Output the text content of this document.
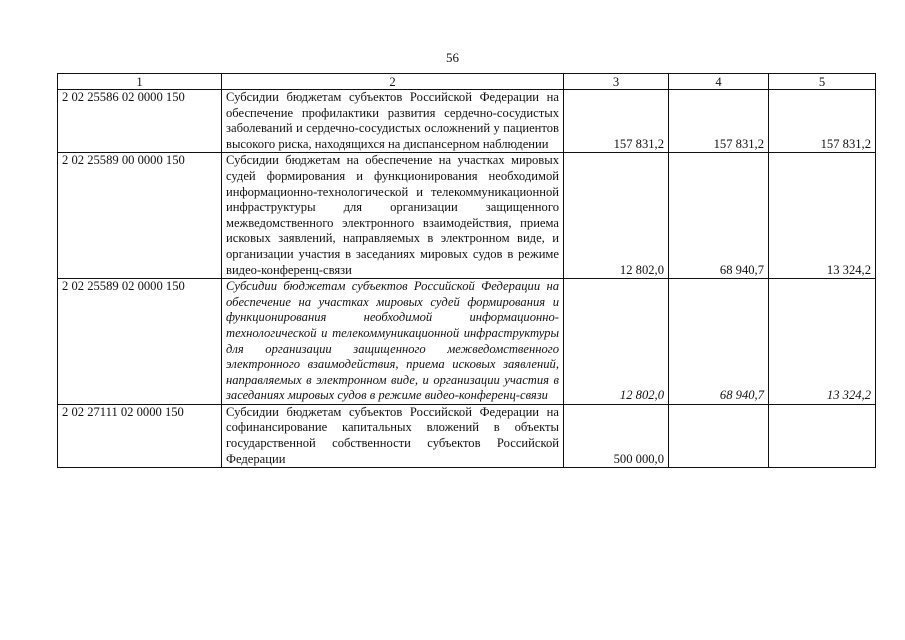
56
1	2	3	4	5
2 02 25586 02 0000 150	Субсидии бюджетам субъектов Российской Федерации на обеспечение профилактики развития сердечно-сосудистых заболеваний и сердечно-сосудистых осложнений у пациентов высокого риска, находящихся на диспансерном наблюдении	157 831,2	157 831,2	157 831,2
2 02 25589 00 0000 150	Субсидии бюджетам на обеспечение на участках мировых судей формирования и функционирования необходимой информационно-технологической и телекоммуникационной инфраструктуры для организации защищенного межведомственного электронного взаимодействия, приема исковых заявлений, направляемых в электронном виде, и организации участия в заседаниях мировых судов в режиме видео-конференц-связи	12 802,0	68 940,7	13 324,2
2 02 25589 02 0000 150	Субсидии бюджетам субъектов Российской Федерации на обеспечение на участках мировых судей формирования и функционирования необходимой информационно-технологической и телекоммуникационной инфраструктуры для организации защищенного межведомственного электронного взаимодействия, приема исковых заявлений, направляемых в электронном виде, и организации участия в заседаниях мировых судов в режиме видео-конференц-связи	12 802,0	68 940,7	13 324,2
2 02 27111 02 0000 150	Субсидии бюджетам субъектов Российской Федерации на софинансирование капитальных вложений в объекты государственной собственности субъектов Российской Федерации	500 000,0		
